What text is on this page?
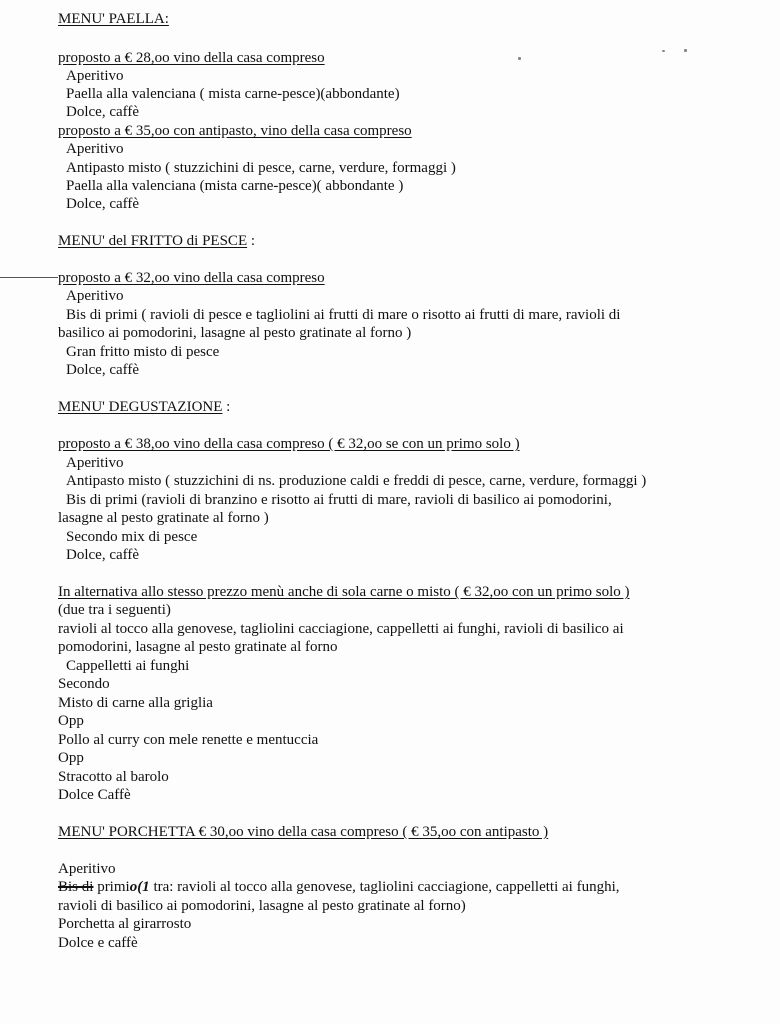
MENU' PAELLA:
proposto a € 28,oo vino della casa compreso
Aperitivo
Paella alla valenciana ( mista carne-pesce)(abbondante)
Dolce, caffè
proposto a € 35,oo con antipasto, vino della casa compreso
Aperitivo
Antipasto misto ( stuzzichini di pesce, carne, verdure, formaggi )
Paella alla valenciana (mista carne-pesce)( abbondante )
Dolce, caffè
MENU' del FRITTO di PESCE :
proposto a € 32,oo vino della casa compreso
Aperitivo
Bis di primi ( ravioli di pesce e tagliolini ai frutti di mare o risotto ai frutti di mare, ravioli di
basilico ai pomodorini, lasagne al pesto gratinate al forno )
Gran fritto misto di pesce
Dolce, caffè
MENU' DEGUSTAZIONE :
proposto a € 38,oo vino della casa compreso ( € 32,oo se con un primo solo )
Aperitivo
Antipasto misto ( stuzzichini di ns. produzione caldi e freddi di pesce, carne, verdure, formaggi )
Bis di primi (ravioli di branzino e risotto ai frutti di mare, ravioli di basilico ai pomodorini,
lasagne al pesto gratinate al forno )
Secondo mix di pesce
Dolce, caffè
In alternativa allo stesso prezzo menù anche di sola carne o misto ( € 32,oo con un primo solo )
(due tra i seguenti)
ravioli al tocco alla genovese, tagliolini cacciagione, cappelletti ai funghi, ravioli di basilico ai
pomodorini, lasagne al pesto gratinate al forno
Cappelletti ai funghi
Secondo
Misto di carne alla griglia
Opp
Pollo al curry con mele renette e mentuccia
Opp
Stracotto al barolo
Dolce Caffè
MENU' PORCHETTA € 30,oo vino della casa compreso ( € 35,oo con antipasto )
Aperitivo
Bis di primio(1 tra: ravioli al tocco alla genovese, tagliolini cacciagione, cappelletti ai funghi,
ravioli di basilico ai pomodorini, lasagne al pesto gratinate al forno)
Porchetta al girarrosto
Dolce e caffè
